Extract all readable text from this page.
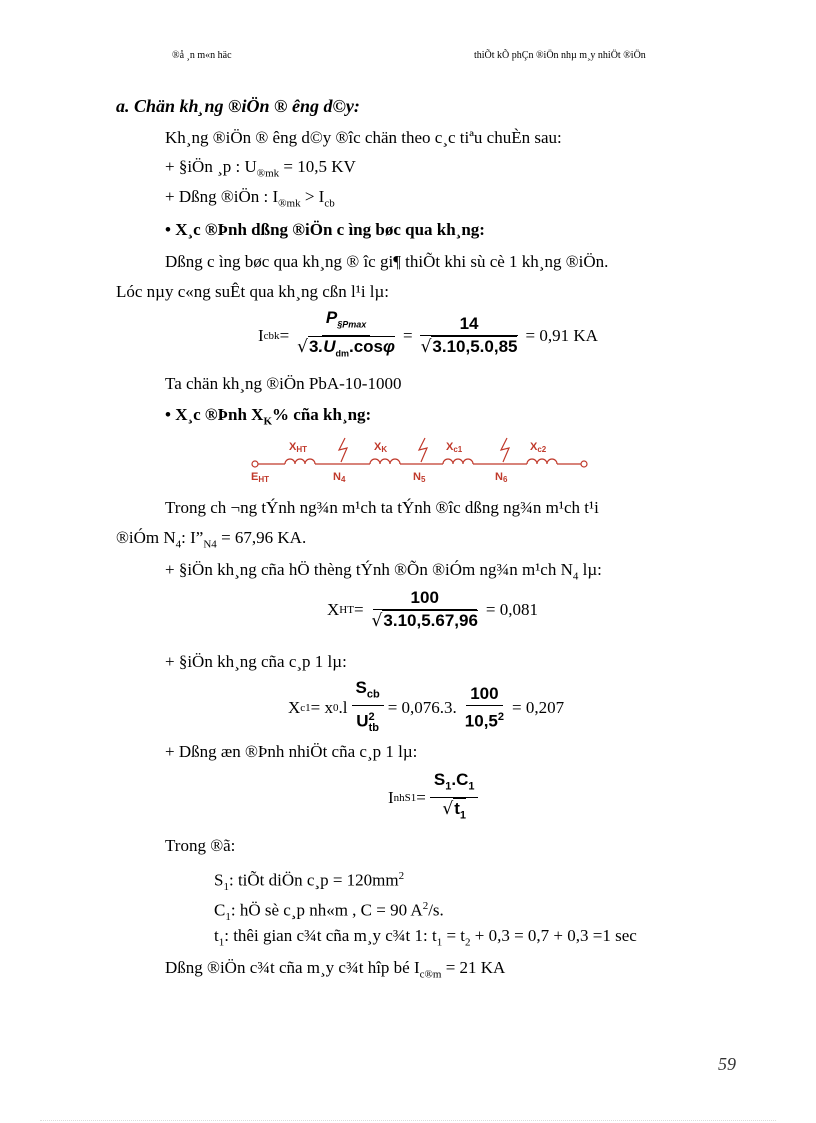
®å ¸n m«n häc	thiÕt kÕ phÇn ®iÖn nhµ m¸y nhiÖt ®iÖn
a. Chän kh¸ng ®iÖn ® êng d©y:
Kh¸ng ®iÖn ® êng d©y ®îc chän theo c¸c tiªu chuÈn sau:
+ §iÖn ¸p : $U_{®mk} = 10,5$ KV
+ Dßng ®iÖn : $I_{®mk} > I_{cb}$
• X¸c ®Þnh dßng ®iÖn c ìng bøc qua kh¸ng:
Dßng c ìng bøc qua kh¸ng ® îc gi¶ thiÕt khi sù cè 1 kh¸ng ®iÖn.
Lóc nµy c«ng suÊt qua kh¸ng cßn l¹i lµ:
I cbk = $\frac{P_{\S Pmax}}{√3.U_{dm}.\cos\varphi} = \frac{14}{√3.10,5.0,85} = 0,91$ KA
Ta chän kh¸ng ®iÖn PbA-10-1000
• X¸c ®Þnh $X_K\%$ cña kh¸ng:
EHT
XHT	XK	Xc1	Xc2
N4	N5	N6
Trong ch ¬ng tÝnh ng¾n m¹ch ta tÝnh ®îc dßng ng¾n m¹ch t¹i
®iÓm $N_4$: $I”_{N4} = 67,96$ KA.
+ §iÖn kh¸ng cña hÖ thèng tÝnh ®Õn ®iÓm ng¾n m¹ch $N_4$ lµ:
X HT = $\frac{100}{√3.10,5.67,96} = 0,081$
+ §iÖn kh¸ng cña c¸p 1 lµ:
X c1 = x 0 $.l \frac{S_{cb}}{U^2_{tb}} = 0,076.3$. $\frac{100}{10,5^2} = 0,207$
+ Dßng æn ®Þnh nhiÖt cña c¸p 1 lµ:
I $nhS1 = \frac{S_1.C_1}{√t_1}$
Trong ®ã:
$S_1$: tiÕt diÖn c¸p = $120mm^2$
$C_1$: hÖ sè c¸p nh«m , C = 90 $A^2/s$.
$t_1$: thêi gian c¾t cña m¸y c¾t 1: $t_1 = t_2 + 0,3 = 0,7 + 0,3 =1$ sec
Dßng ®iÖn c¾t cña m¸y c¾t hîp bé $I_{c®m} = 21$ KA
59
